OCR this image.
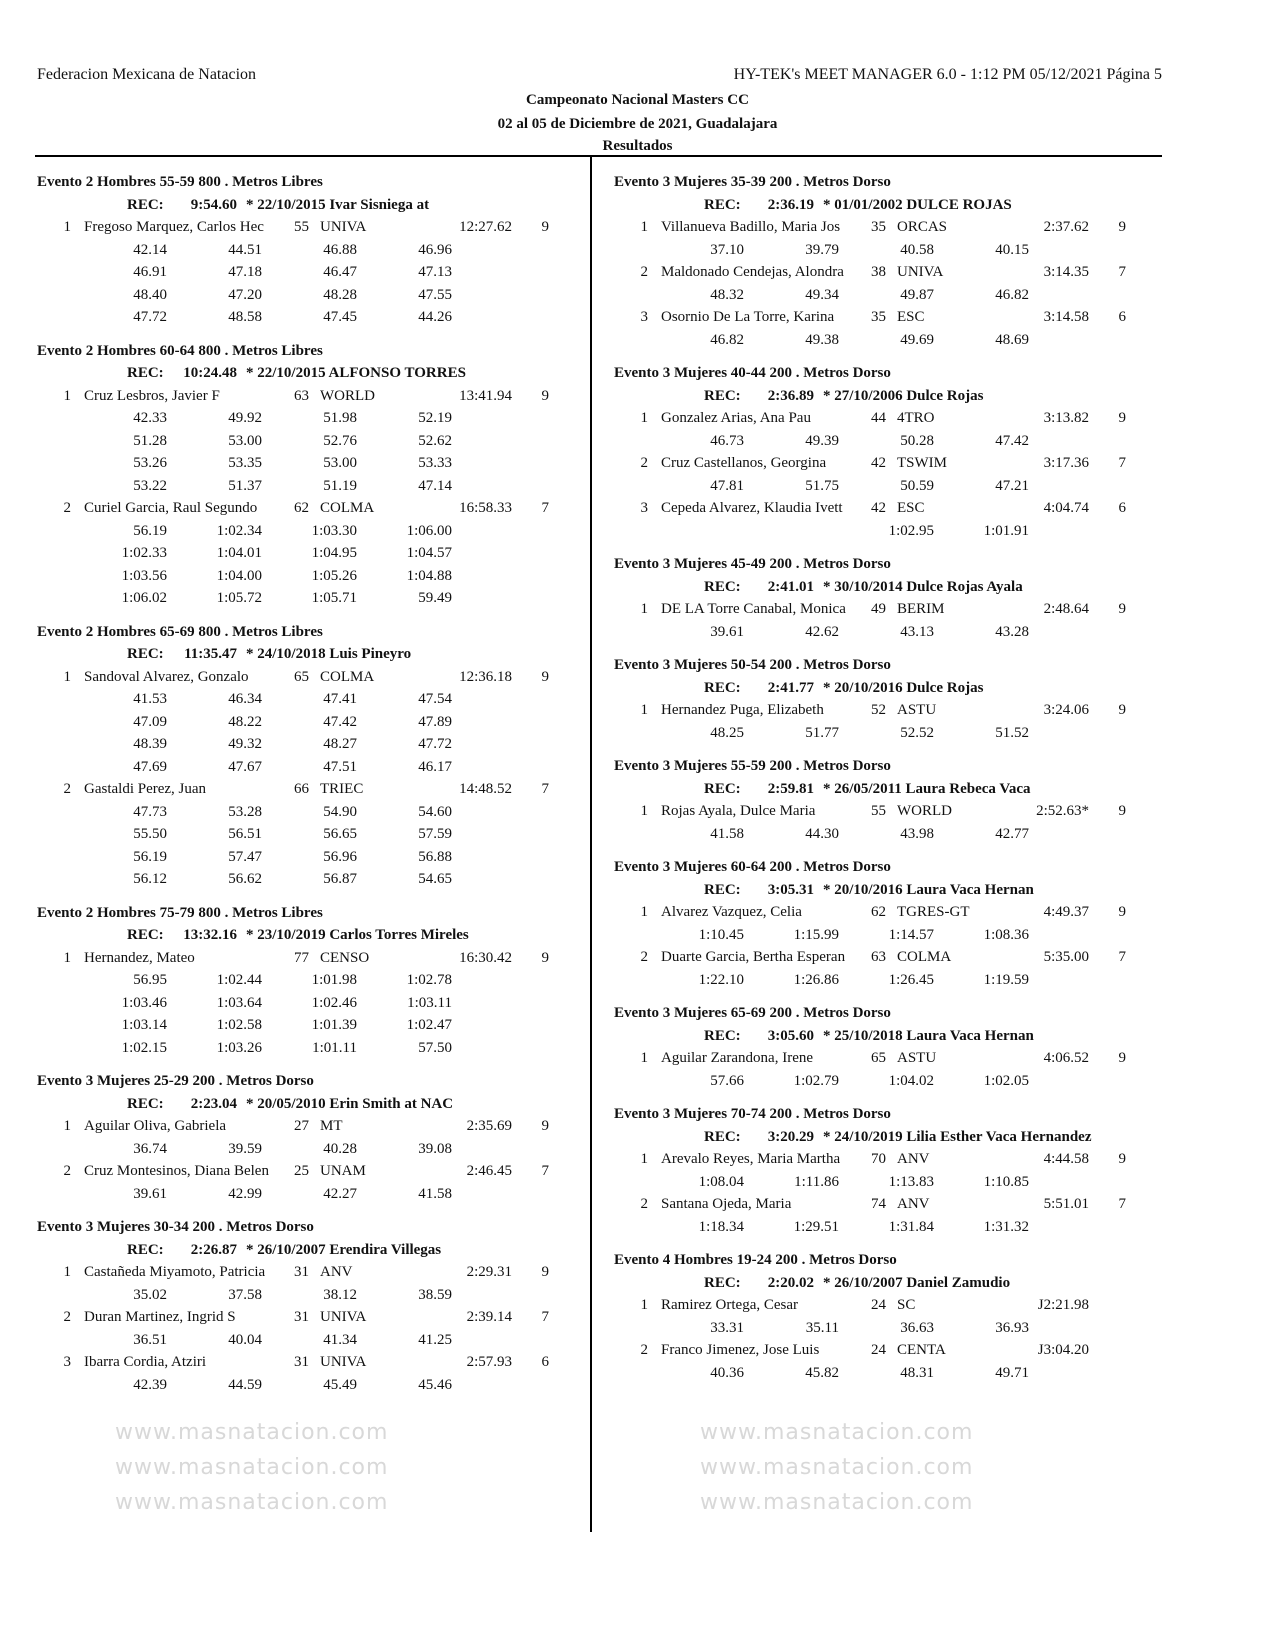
Federacion Mexicana de Natacion	HY-TEK's MEET MANAGER 6.0 - 1:12 PM 05/12/2021 Página 5
Campeonato Nacional Masters CC
02 al 05 de Diciembre de 2021, Guadalajara
Resultados
Evento 2 Hombres 55-59 800 . Metros Libres
REC:	9:54.60 * 22/10/2015 Ivar Sisniega at
1 Fregoso Marquez, Carlos Hec	55 UNIVA	12:27.62	9
42.14	44.51	46.88	46.96
46.91	47.18	46.47	47.13
48.40	47.20	48.28	47.55
47.72	48.58	47.45	44.26
Evento 2 Hombres 60-64 800 . Metros Libres
REC:	10:24.48 * 22/10/2015 ALFONSO TORRES
1 Cruz Lesbros, Javier F	63 WORLD	13:41.94	9
42.33	49.92	51.98	52.19
51.28	53.00	52.76	52.62
53.26	53.35	53.00	53.33
53.22	51.37	51.19	47.14
2 Curiel Garcia, Raul Segundo	62 COLMA	16:58.33	7
56.19	1:02.34	1:03.30	1:06.00
1:02.33	1:04.01	1:04.95	1:04.57
1:03.56	1:04.00	1:05.26	1:04.88
1:06.02	1:05.72	1:05.71	59.49
Evento 2 Hombres 65-69 800 . Metros Libres
REC:	11:35.47 * 24/10/2018 Luis Pineyro
1 Sandoval Alvarez, Gonzalo	65 COLMA	12:36.18	9
41.53	46.34	47.41	47.54
47.09	48.22	47.42	47.89
48.39	49.32	48.27	47.72
47.69	47.67	47.51	46.17
2 Gastaldi Perez, Juan	66 TRIEC	14:48.52	7
47.73	53.28	54.90	54.60
55.50	56.51	56.65	57.59
56.19	57.47	56.96	56.88
56.12	56.62	56.87	54.65
Evento 2 Hombres 75-79 800 . Metros Libres
REC:	13:32.16 * 23/10/2019 Carlos Torres Mireles
1 Hernandez, Mateo	77 CENSO	16:30.42	9
56.95	1:02.44	1:01.98	1:02.78
1:03.46	1:03.64	1:02.46	1:03.11
1:03.14	1:02.58	1:01.39	1:02.47
1:02.15	1:03.26	1:01.11	57.50
Evento 3 Mujeres 25-29 200 . Metros Dorso
REC:	2:23.04 * 20/05/2010 Erin Smith at NAC
1 Aguilar Oliva, Gabriela	27 MT	2:35.69	9
36.74	39.59	40.28	39.08
2 Cruz Montesinos, Diana Belen	25 UNAM	2:46.45	7
39.61	42.99	42.27	41.58
Evento 3 Mujeres 30-34 200 . Metros Dorso
REC:	2:26.87 * 26/10/2007 Erendira Villegas
1 Castañeda Miyamoto, Patricia	31 ANV	2:29.31	9
35.02	37.58	38.12	38.59
2 Duran Martinez, Ingrid S	31 UNIVA	2:39.14	7
36.51	40.04	41.34	41.25
3 Ibarra Cordia, Atziri	31 UNIVA	2:57.93	6
42.39	44.59	45.49	45.46
Evento 3 Mujeres 35-39 200 . Metros Dorso
REC:	2:36.19 * 01/01/2002 DULCE ROJAS
1 Villanueva Badillo, Maria Jos	35 ORCAS	2:37.62	9
37.10	39.79	40.58	40.15
2 Maldonado Cendejas, Alondra	38 UNIVA	3:14.35	7
48.32	49.34	49.87	46.82
3 Osornio De La Torre, Karina	35 ESC	3:14.58	6
46.82	49.38	49.69	48.69
Evento 3 Mujeres 40-44 200 . Metros Dorso
REC:	2:36.89 * 27/10/2006 Dulce Rojas
1 Gonzalez Arias, Ana Pau	44 4TRO	3:13.82	9
46.73	49.39	50.28	47.42
2 Cruz Castellanos, Georgina	42 TSWIM	3:17.36	7
47.81	51.75	50.59	47.21
3 Cepeda Alvarez, Klaudia Ivett	42 ESC	4:04.74	6
1:02.95	1:01.91
Evento 3 Mujeres 45-49 200 . Metros Dorso
REC:	2:41.01 * 30/10/2014 Dulce Rojas Ayala
1 DE LA Torre Canabal, Monica	49 BERIM	2:48.64	9
39.61	42.62	43.13	43.28
Evento 3 Mujeres 50-54 200 . Metros Dorso
REC:	2:41.77 * 20/10/2016 Dulce Rojas
1 Hernandez Puga, Elizabeth	52 ASTU	3:24.06	9
48.25	51.77	52.52	51.52
Evento 3 Mujeres 55-59 200 . Metros Dorso
REC:	2:59.81 * 26/05/2011 Laura Rebeca Vaca
1 Rojas Ayala, Dulce Maria	55 WORLD	2:52.63*	9
41.58	44.30	43.98	42.77
Evento 3 Mujeres 60-64 200 . Metros Dorso
REC:	3:05.31 * 20/10/2016 Laura Vaca Hernan
1 Alvarez Vazquez, Celia	62 TGRES-GT	4:49.37	9
1:10.45	1:15.99	1:14.57	1:08.36
2 Duarte Garcia, Bertha Esperan	63 COLMA	5:35.00	7
1:22.10	1:26.86	1:26.45	1:19.59
Evento 3 Mujeres 65-69 200 . Metros Dorso
REC:	3:05.60 * 25/10/2018 Laura Vaca Hernan
1 Aguilar Zarandona, Irene	65 ASTU	4:06.52	9
57.66	1:02.79	1:04.02	1:02.05
Evento 3 Mujeres 70-74 200 . Metros Dorso
REC:	3:20.29 * 24/10/2019 Lilia Esther Vaca Hernandez
1 Arevalo Reyes, Maria Martha	70 ANV	4:44.58	9
1:08.04	1:11.86	1:13.83	1:10.85
2 Santana Ojeda, Maria	74 ANV	5:51.01	7
1:18.34	1:29.51	1:31.84	1:31.32
Evento 4 Hombres 19-24 200 . Metros Dorso
REC:	2:20.02 * 26/10/2007 Daniel Zamudio
1 Ramirez Ortega, Cesar	24 SC	J2:21.98
33.31	35.11	36.63	36.93
2 Franco Jimenez, Jose Luis	24 CENTA	J3:04.20
40.36	45.82	48.31	49.71
www.masnatacion.com
www.masnatacion.com
www.masnatacion.com
www.masnatacion.com
www.masnatacion.com
www.masnatacion.com
